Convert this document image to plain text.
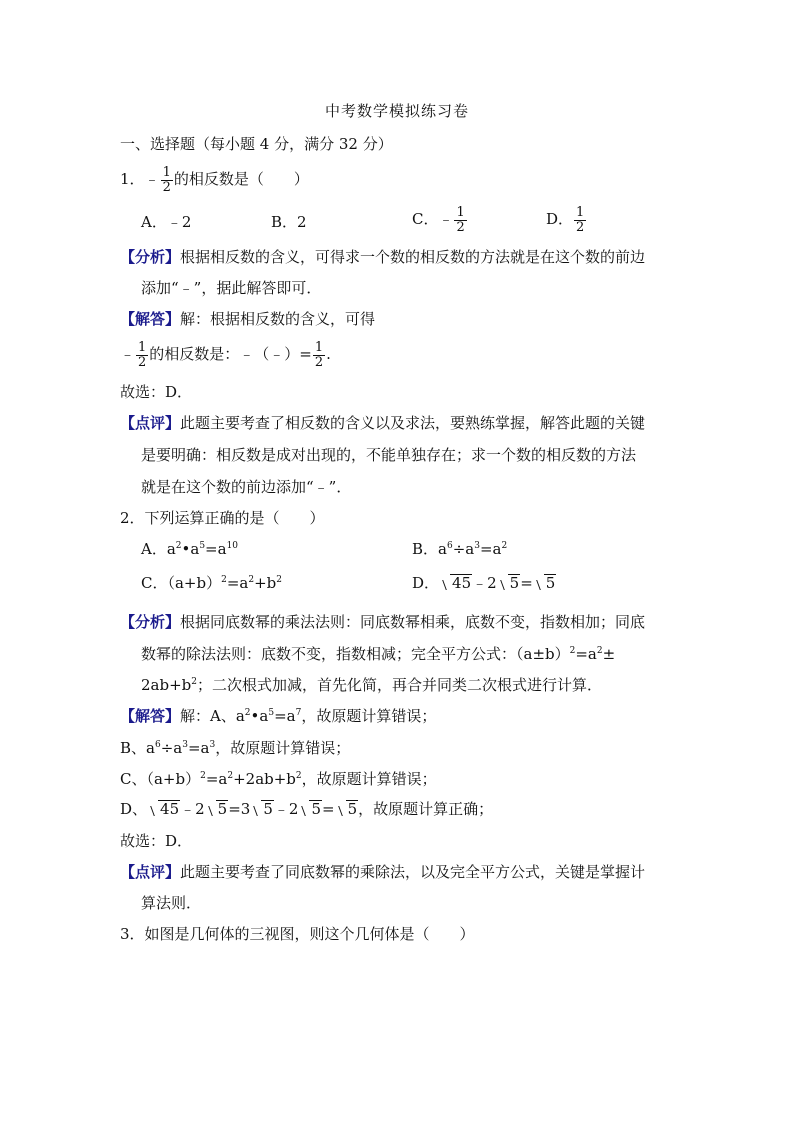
中考数学模拟练习卷
一、选择题（每小题 4 分，满分 32 分）
1．﹣ $\frac{1}{2}$ 的相反数是（　　）
A．﹣2	B．2	C．﹣ $\frac{1}{2}$	D． $\frac{1}{2}$
【分析】根据相反数的含义，可得求一个数的相反数的方法就是在这个数的前边
添加“﹣”，据此解答即可．
【解答】解：根据相反数的含义，可得
﹣ $\frac{1}{2}$ 的相反数是：﹣（﹣）= $\frac{1}{2}$ .
故选：D．
【点评】此题主要考查了相反数的含义以及求法，要熟练掌握，解答此题的关键
是要明确：相反数是成对出现的，不能单独存在；求一个数的相反数的方法
就是在这个数的前边添加“﹣”．
2．下列运算正确的是（　　）
A．$a^2•a^5=a^{10}$	B．$a^6\div a^3=a^2$
C．$(a+b)^2=a^2+b^2$	D． 45﹣2 5= 5
【分析】根据同底数幂的乘法法则：同底数幂相乘，底数不变，指数相加；同底
数幂的除法法则：底数不变，指数相减；完全平方公式：$(a\pm b)^2=a^2\pm$
$2ab+b^2$；二次根式加减，首先化简，再合并同类二次根式进行计算．
【解答】解：A、$a^2•a^5=a^7$，故原题计算错误；
B、$a^6\div a^3=a^3$，故原题计算错误；
C、$(a+b)^2=a^2+2ab+b^2$，故原题计算错误；
D、 45﹣2 5=3 5﹣2 5= 5，故原题计算正确；
故选：D．
【点评】此题主要考查了同底数幂的乘除法，以及完全平方公式，关键是掌握计
算法则．
3．如图是几何体的三视图，则这个几何体是（　　）
